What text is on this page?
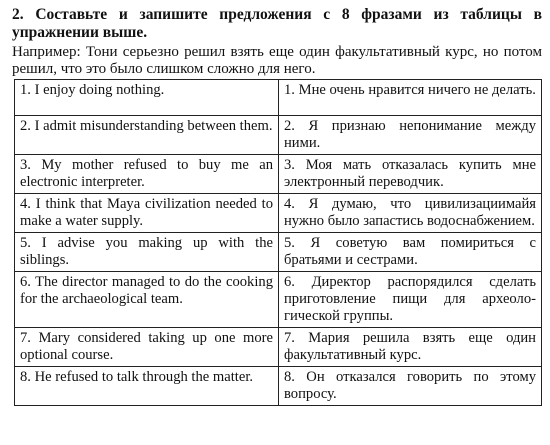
2. Составьте и запишите предложения с 8 фразами из таблицы в упражнении выше.

Например: Тони серьезно решил взять еще один факультативный курс, но потом решил, что это было слишком сложно для него.

1. I enjoy doing nothing.	1. Мне очень нравится ничего не делать.
2. I admit misunderstanding between them.	2. Я признаю непонимание между ними.
3. My mother refused to buy me an electronic interpreter.	3. Моя мать отказалась купить мне электронный переводчик.
4. I think that Maya civilization needed to make a water supply.	4. Я думаю, что цивилизациимайя нужно было запастись водоснабжением.
5. I advise you making up with the siblings.	5. Я советую вам помириться с братьями и сестрами.
6. The director managed to do the cooking for the archaeological team.	6. Директор распорядился сделать приготовление пищи для археологической группы.
7. Mary considered taking up one more optional course.	7. Мария решила взять еще один факультативный курс.
8. He refused to talk through the matter.	8. Он отказался говорить по этому вопросу.
